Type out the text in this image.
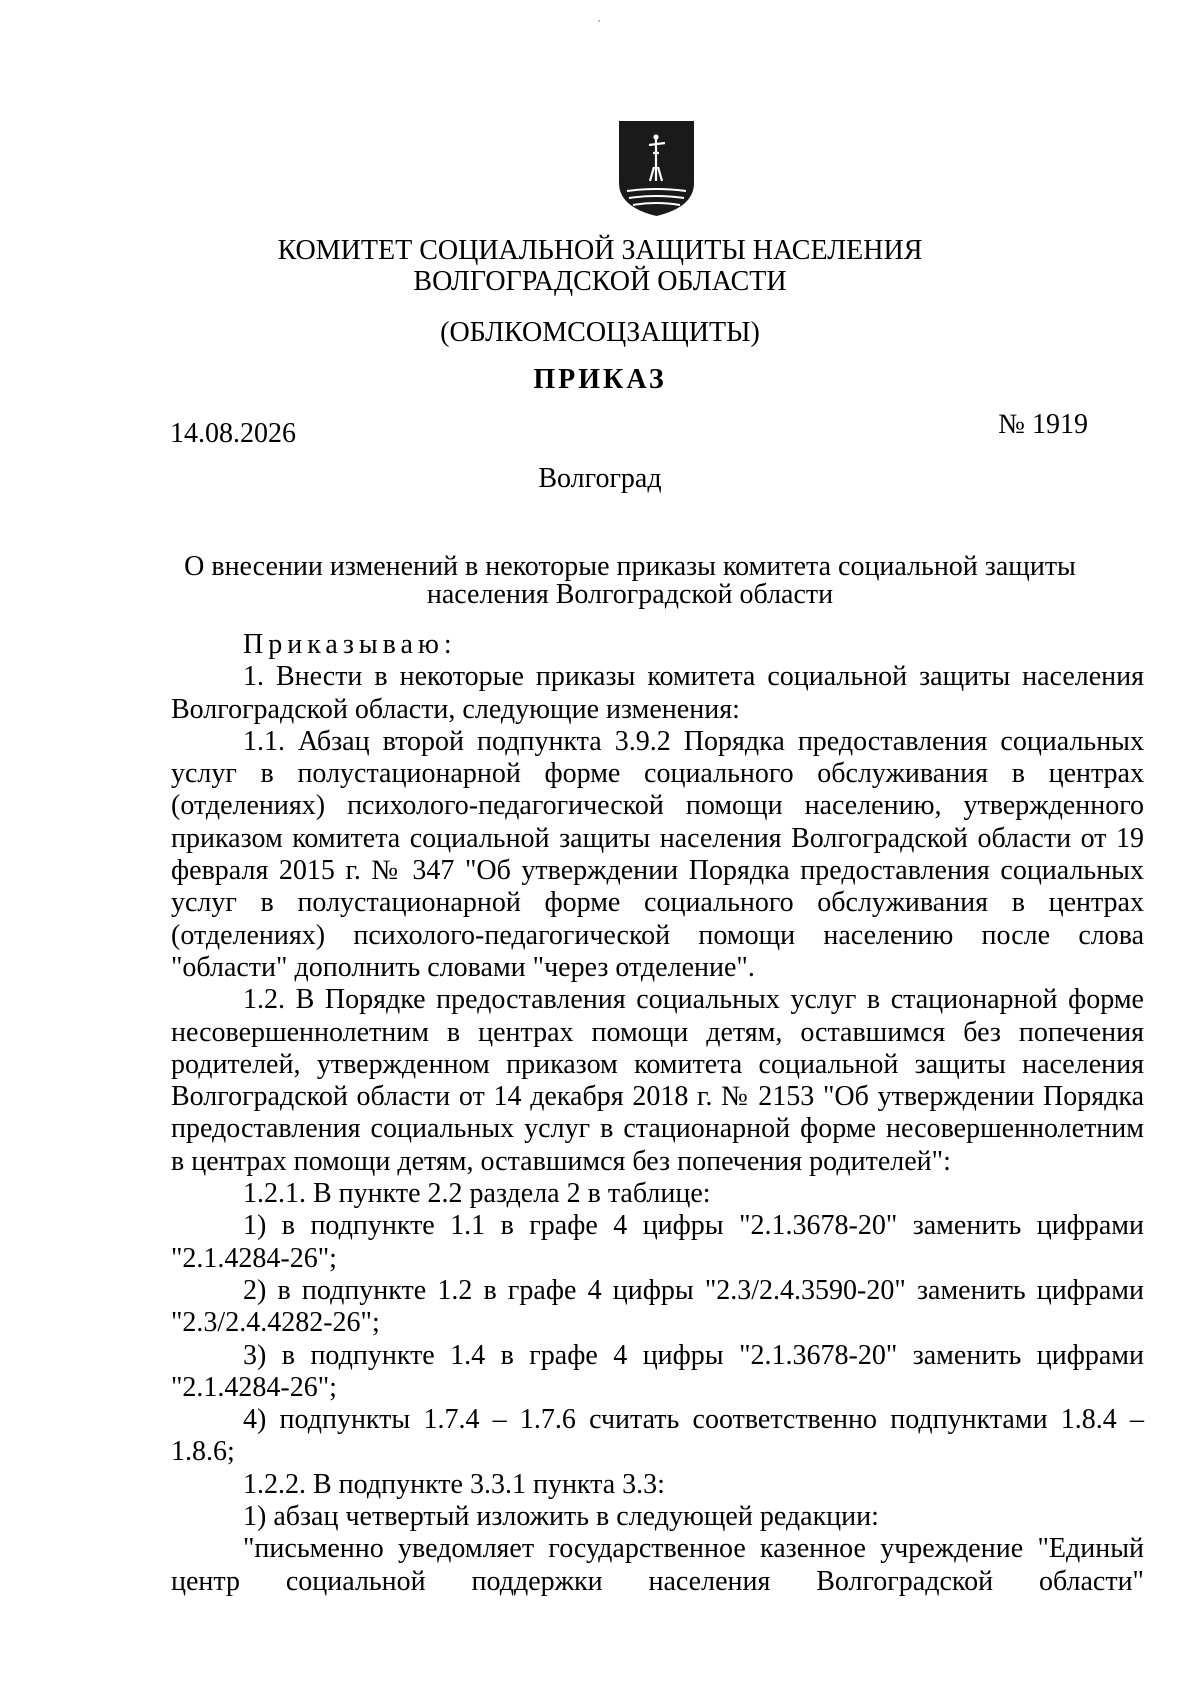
КОМИТЕТ СОЦИАЛЬНОЙ ЗАЩИТЫ НАСЕЛЕНИЯ
ВОЛГОГРАДСКОЙ ОБЛАСТИ
(ОБЛКОМСОЦЗАЩИТЫ)
ПРИКАЗ
14.08.2026	№ 1919
Волгоград
О внесении изменений в некоторые приказы комитета социальной защиты
населения Волгоградской области

Приказываю:

1. Внести в некоторые приказы комитета социальной защиты населения Волгоградской области, следующие изменения:

1.1. Абзац второй подпункта 3.9.2 Порядка предоставления социальных услуг в полустационарной форме социального обслуживания в центрах (отделениях) психолого-педагогической помощи населению, утвержденного приказом комитета социальной защиты населения Волгоградской области от 19 февраля 2015 г. № 347 "Об утверждении Порядка предоставления социальных услуг в полустационарной форме социального обслуживания в центрах (отделениях) психолого-педагогической помощи населению после слова "области" дополнить словами "через отделение".

1.2. В Порядке предоставления социальных услуг в стационарной форме несовершеннолетним в центрах помощи детям, оставшимся без попечения родителей, утвержденном приказом комитета социальной защиты населения Волгоградской области от 14 декабря 2018 г. № 2153 "Об утверждении Порядка предоставления социальных услуг в стационарной форме несовершеннолетним в центрах помощи детям, оставшимся без попечения родителей":

1.2.1. В пункте 2.2 раздела 2 в таблице:

1) в подпункте 1.1 в графе 4 цифры "2.1.3678-20" заменить цифрами "2.1.4284-26";

2) в подпункте 1.2 в графе 4 цифры "2.3/2.4.3590-20" заменить цифрами "2.3/2.4.4282-26";

3) в подпункте 1.4 в графе 4 цифры "2.1.3678-20" заменить цифрами "2.1.4284-26";

4) подпункты 1.7.4 – 1.7.6 считать соответственно подпунктами 1.8.4 – 1.8.6;

1.2.2. В подпункте 3.3.1 пункта 3.3:

1) абзац четвертый изложить в следующей редакции:

"письменно уведомляет государственное казенное учреждение "Единый центр социальной поддержки населения Волгоградской области"
